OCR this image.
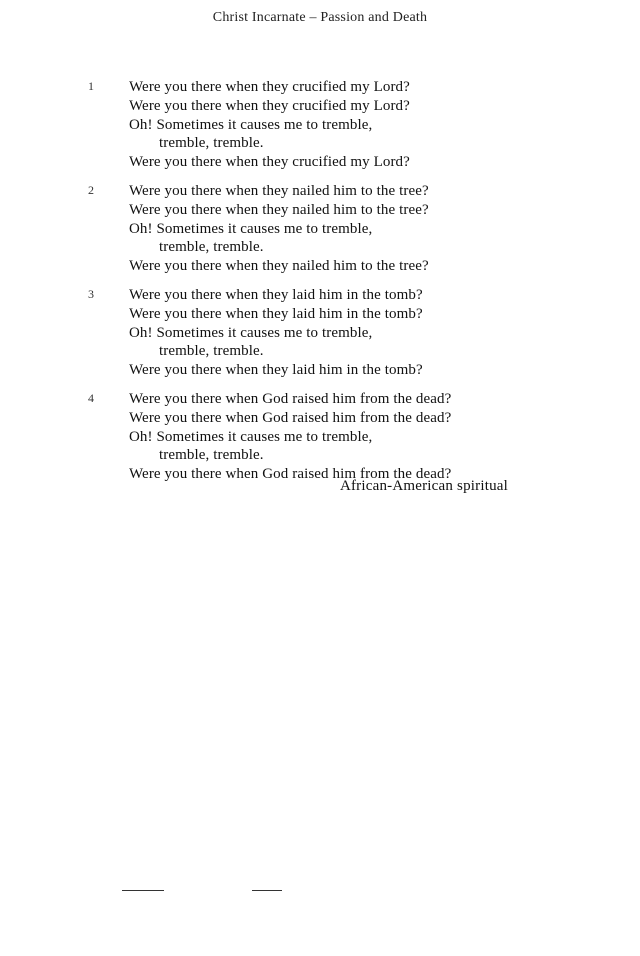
Christ Incarnate – Passion and Death
1 Were you there when they crucified my Lord?
Were you there when they crucified my Lord?
Oh! Sometimes it causes me to tremble,
tremble, tremble.
Were you there when they crucified my Lord?
2 Were you there when they nailed him to the tree?
Were you there when they nailed him to the tree?
Oh! Sometimes it causes me to tremble,
tremble, tremble.
Were you there when they nailed him to the tree?
3 Were you there when they laid him in the tomb?
Were you there when they laid him in the tomb?
Oh! Sometimes it causes me to tremble,
tremble, tremble.
Were you there when they laid him in the tomb?
4 Were you there when God raised him from the dead?
Were you there when God raised him from the dead?
Oh! Sometimes it causes me to tremble,
tremble, tremble.
Were you there when God raised him from the dead?
African-American spiritual
